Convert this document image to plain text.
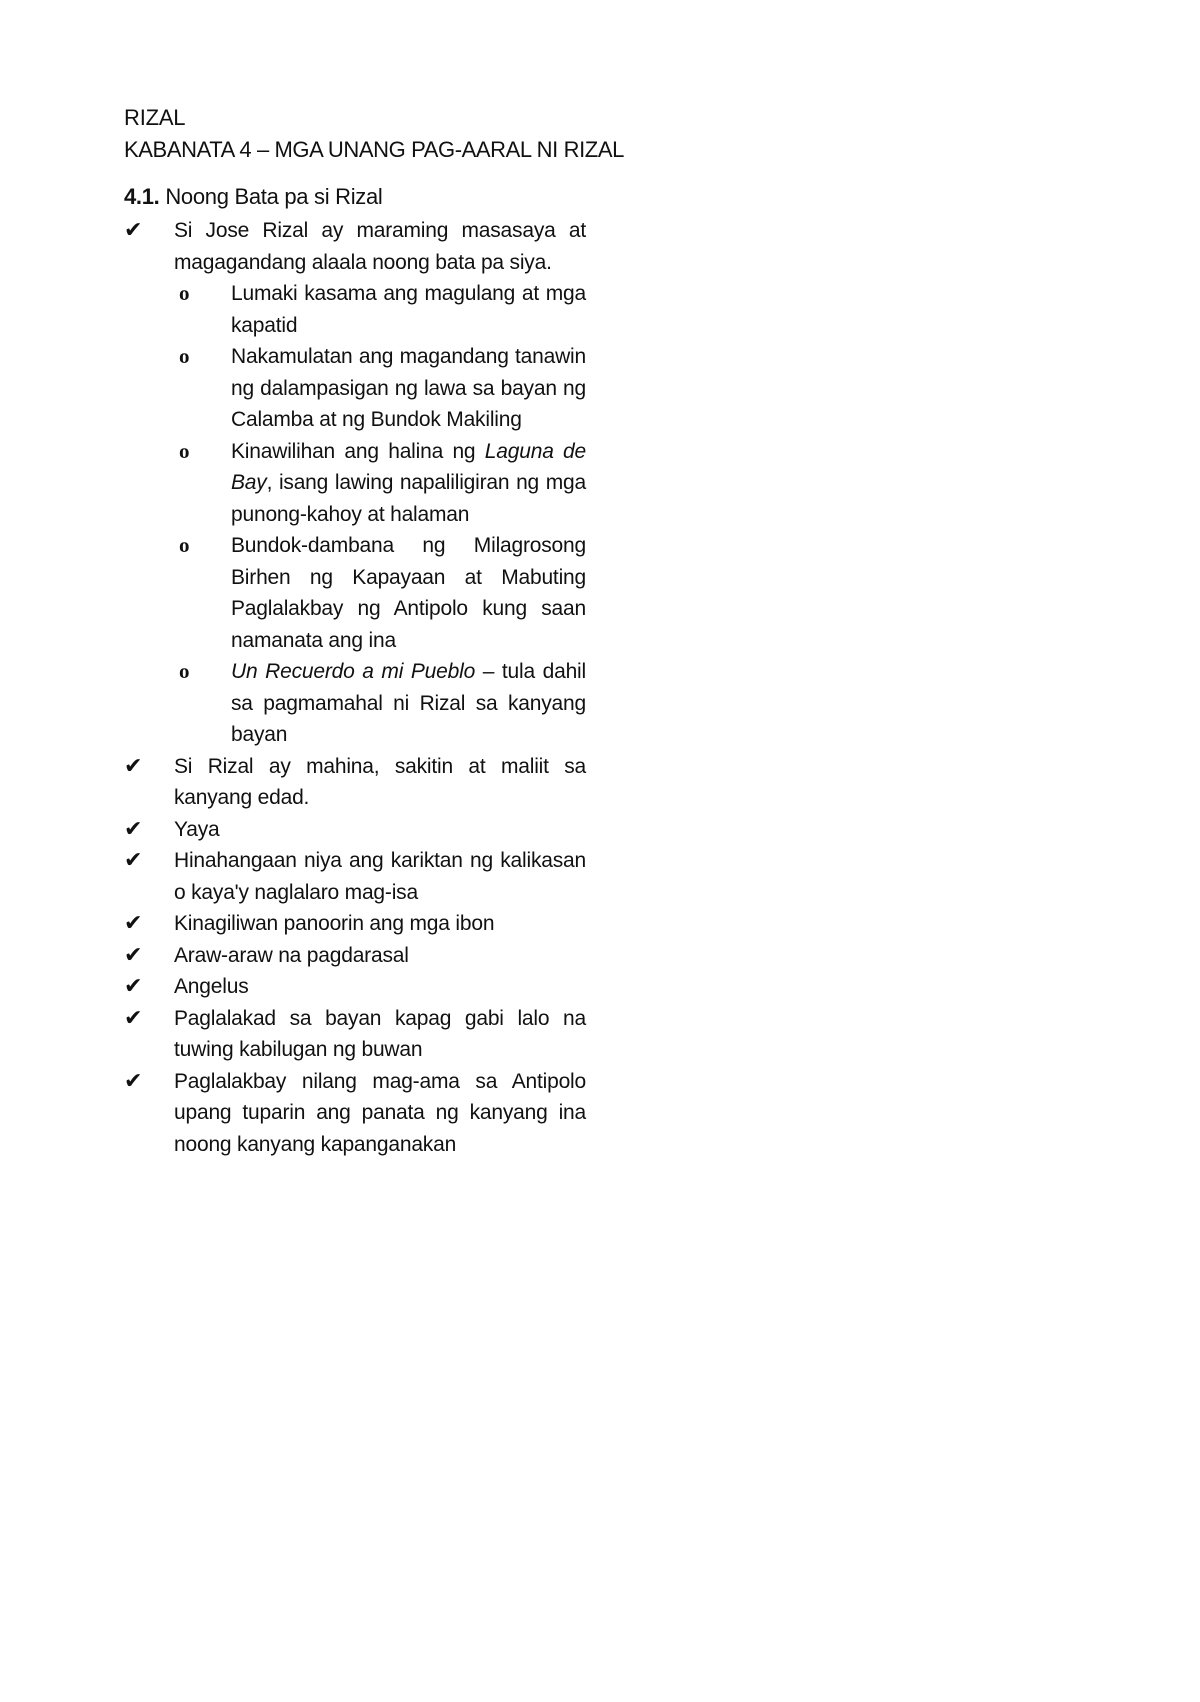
RIZAL
KABANATA 4 – MGA UNANG PAG-AARAL NI RIZAL
4.1. Noong Bata pa si Rizal
✔ Si Jose Rizal ay maraming masasaya at magagandang alaala noong bata pa siya.
o Lumaki kasama ang magulang at mga kapatid
o Nakamulatan ang magandang tanawin ng dalampasigan ng lawa sa bayan ng Calamba at ng Bundok Makiling
o Kinawilihan ang halina ng Laguna de Bay, isang lawing napaliligiran ng mga punong-kahoy at halaman
o Bundok-dambana ng Milagrosong Birhen ng Kapayaan at Mabuting Paglalakbay ng Antipolo kung saan namanata ang ina
o Un Recuerdo a mi Pueblo – tula dahil sa pagmamahal ni Rizal sa kanyang bayan
✔ Si Rizal ay mahina, sakitin at maliit sa kanyang edad.
✔ Yaya
✔ Hinahangaan niya ang kariktan ng kalikasan o kaya'y naglalaro mag-isa
✔ Kinagiliwan panoorin ang mga ibon
✔ Araw-araw na pagdarasal
✔ Angelus
✔ Paglalakad sa bayan kapag gabi lalo na tuwing kabilugan ng buwan
✔ Paglalakbay nilang mag-ama sa Antipolo upang tuparin ang panata ng kanyang ina noong kanyang kapanganakan
